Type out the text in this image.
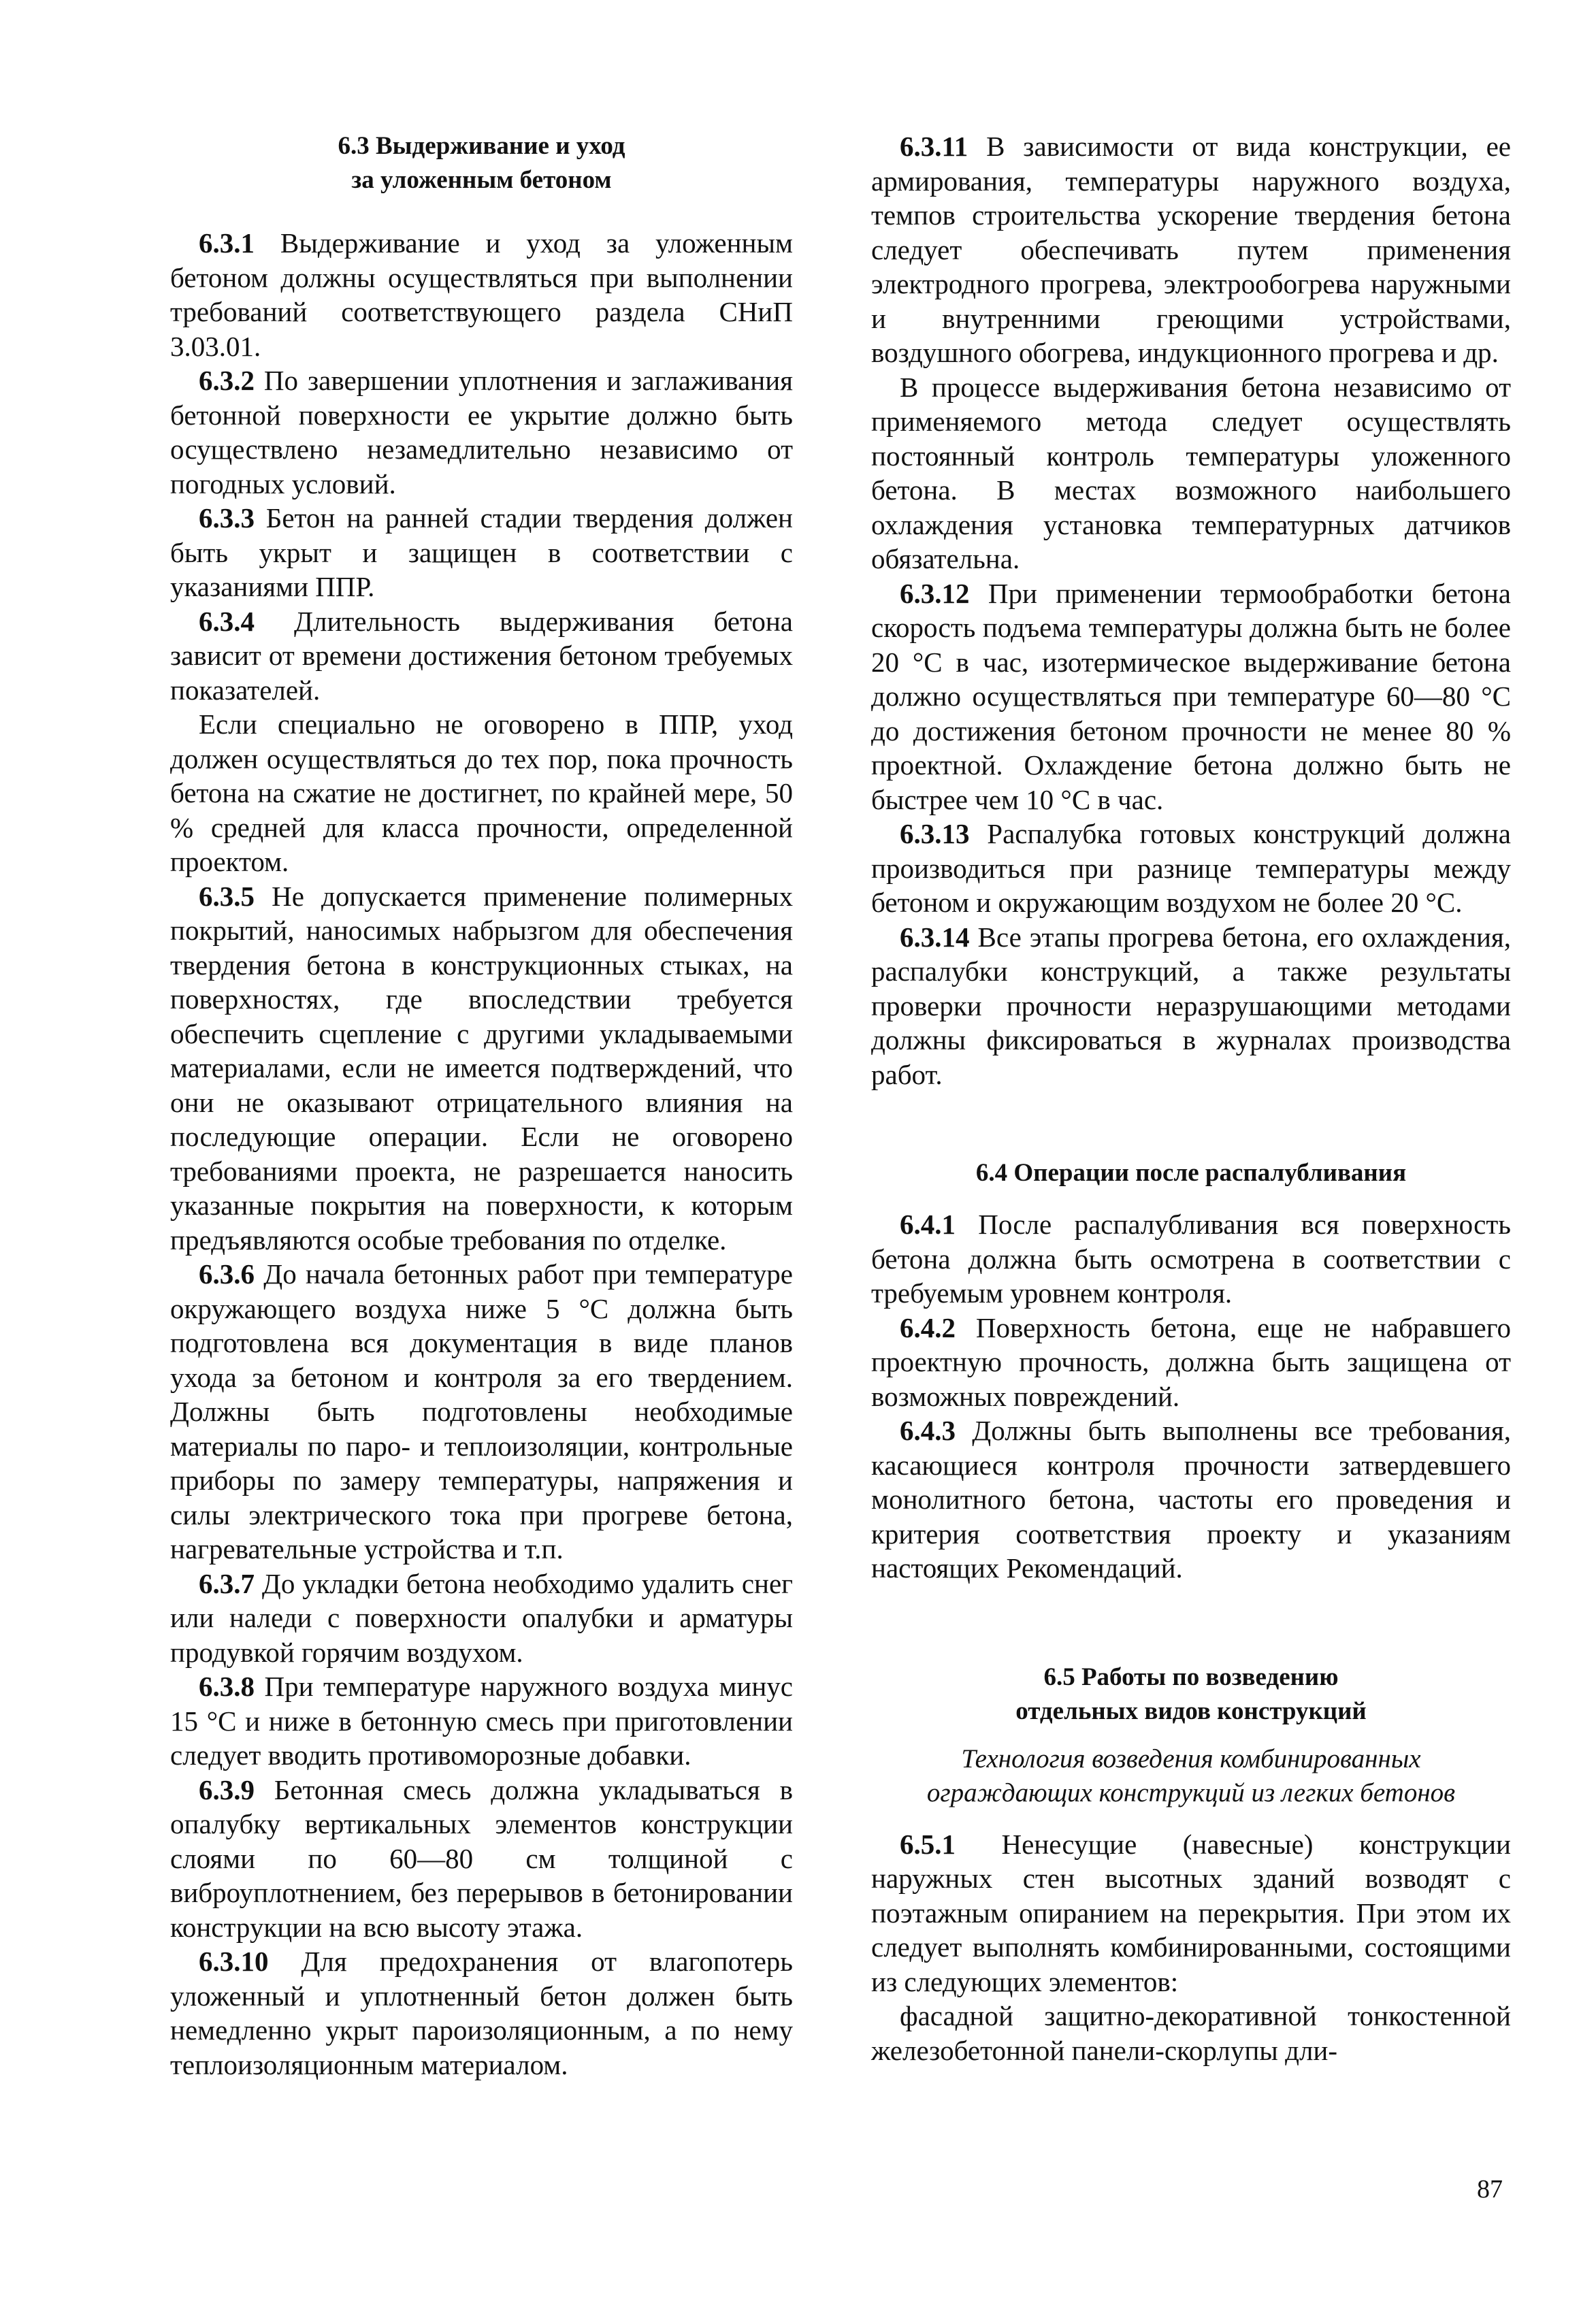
6.3 Выдерживание и уход
за уложенным бетоном

6.3.1 Выдерживание и уход за уложенным бетоном должны осуществляться при выполнении требований соответствующего раздела СНиП 3.03.01.

6.3.2 По завершении уплотнения и заглаживания бетонной поверхности ее укрытие должно быть осуществлено незамедлительно независимо от погодных условий.

6.3.3 Бетон на ранней стадии твердения должен быть укрыт и защищен в соответствии с указаниями ППР.

6.3.4 Длительность выдерживания бетона зависит от времени достижения бетоном требуемых показателей.

Если специально не оговорено в ППР, уход должен осуществляться до тех пор, пока прочность бетона на сжатие не достигнет, по крайней мере, 50 % средней для класса прочности, определенной проектом.

6.3.5 Не допускается применение полимерных покрытий, наносимых набрызгом для обеспечения твердения бетона в конструкционных стыках, на поверхностях, где впоследствии требуется обеспечить сцепление с другими укладываемыми материалами, если не имеется подтверждений, что они не оказывают отрицательного влияния на последующие операции. Если не оговорено требованиями проекта, не разрешается наносить указанные покрытия на поверхности, к которым предъявляются особые требования по отделке.

6.3.6 До начала бетонных работ при температуре окружающего воздуха ниже 5 °С должна быть подготовлена вся документация в виде планов ухода за бетоном и контроля за его твердением. Должны быть подготовлены необходимые материалы по паро- и теплоизоляции, контрольные приборы по замеру температуры, напряжения и силы электрического тока при прогреве бетона, нагревательные устройства и т.п.

6.3.7 До укладки бетона необходимо удалить снег или наледи с поверхности опалубки и арматуры продувкой горячим воздухом.

6.3.8 При температуре наружного воздуха минус 15 °С и ниже в бетонную смесь при приготовлении следует вводить противоморозные добавки.

6.3.9 Бетонная смесь должна укладываться в опалубку вертикальных элементов конструкции слоями по 60—80 см толщиной с виброуплотнением, без перерывов в бетонировании конструкции на всю высоту этажа.

6.3.10 Для предохранения от влагопотерь уложенный и уплотненный бетон должен быть немедленно укрыт пароизоляционным, а по нему теплоизоляционным материалом.

6.3.11 В зависимости от вида конструкции, ее армирования, температуры наружного воздуха, темпов строительства ускорение твердения бетона следует обеспечивать путем применения электродного прогрева, электрообогрева наружными и внутренними греющими устройствами, воздушного обогрева, индукционного прогрева и др.

В процессе выдерживания бетона независимо от применяемого метода следует осуществлять постоянный контроль температуры уложенного бетона. В местах возможного наибольшего охлаждения установка температурных датчиков обязательна.

6.3.12 При применении термообработки бетона скорость подъема температуры должна быть не более 20 °С в час, изотермическое выдерживание бетона должно осуществляться при температуре 60—80 °С до достижения бетоном прочности не менее 80 % проектной. Охлаждение бетона должно быть не быстрее чем 10 °С в час.

6.3.13 Распалубка готовых конструкций должна производиться при разнице температуры между бетоном и окружающим воздухом не более 20 °С.

6.3.14 Все этапы прогрева бетона, его охлаждения, распалубки конструкций, а также результаты проверки прочности неразрушающими методами должны фиксироваться в журналах производства работ.

6.4 Операции после распалубливания

6.4.1 После распалубливания вся поверхность бетона должна быть осмотрена в соответствии с требуемым уровнем контроля.

6.4.2 Поверхность бетона, еще не набравшего проектную прочность, должна быть защищена от возможных повреждений.

6.4.3 Должны быть выполнены все требования, касающиеся контроля прочности затвердевшего монолитного бетона, частоты его проведения и критерия соответствия проекту и указаниям настоящих Рекомендаций.

6.5 Работы по возведению
отдельных видов конструкций

Технология возведения комбинированных
ограждающих конструкций из легких бетонов

6.5.1 Ненесущие (навесные) конструкции наружных стен высотных зданий возводят с поэтажным опиранием на перекрытия. При этом их следует выполнять комбинированными, состоящими из следующих элементов:

фасадной защитно-декоративной тонкостенной железобетонной панели-скорлупы дли-

87
